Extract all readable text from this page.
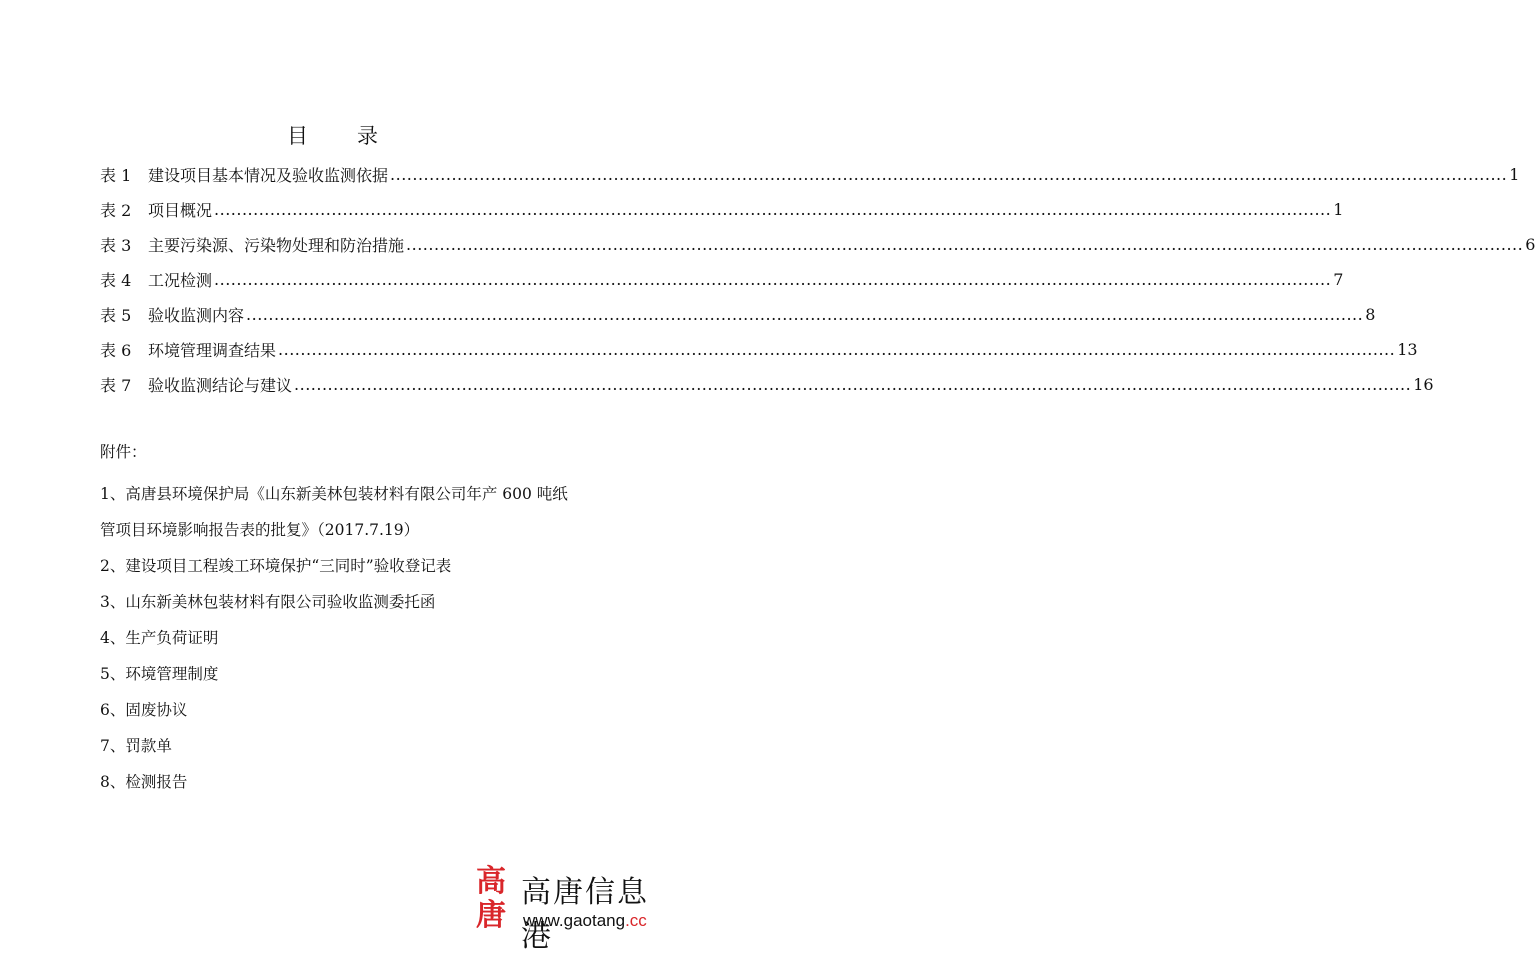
目　录
表 1	建设项目基本情况及验收监测依据 ........................................................................................................................................................................................................ 1
表 2	项目概况 ........................................................................................................................................................................................................ 1
表 3	主要污染源、污染物处理和防治措施 ........................................................................................................................................................................................................ 6
表 4	工况检测 ........................................................................................................................................................................................................ 7
表 5	验收监测内容 ........................................................................................................................................................................................................ 8
表 6	环境管理调查结果 ........................................................................................................................................................................................................ 13
表 7	验收监测结论与建议 ........................................................................................................................................................................................................ 16
附件：
1、高唐县环境保护局《山东新美林包装材料有限公司年产 600 吨纸
管项目环境影响报告表的批复》（2017.7.19）
2、建设项目工程竣工环境保护“三同时”验收登记表
3、山东新美林包装材料有限公司验收监测委托函
4、生产负荷证明
5、环境管理制度
6、固废协议
7、罚款单
8、检测报告
高
唐
高唐信息港
www.gaotang.cc
